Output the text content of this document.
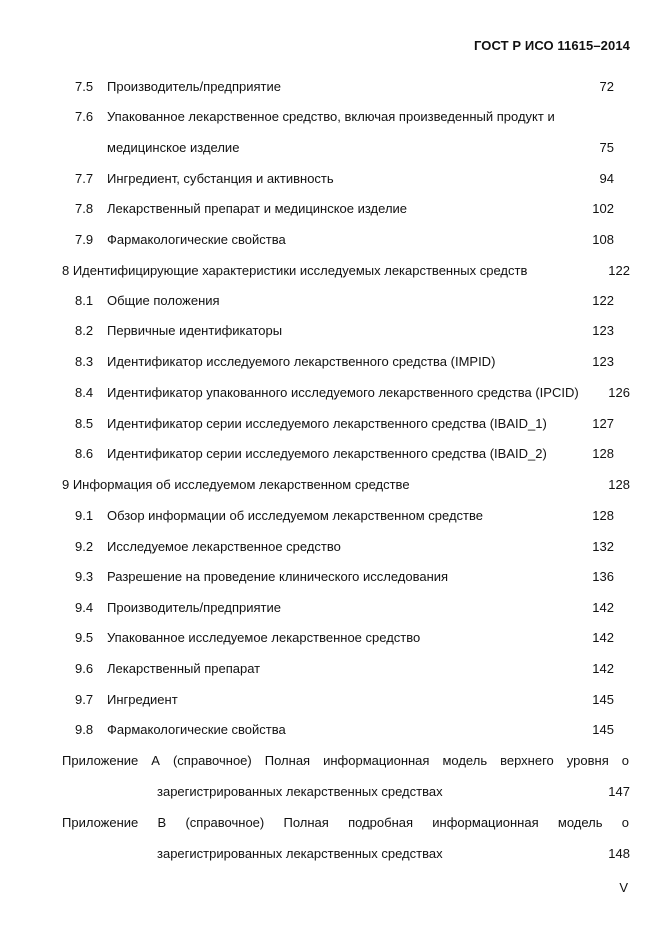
ГОСТ Р ИСО 11615–2014
7.5 Производитель/предприятие	72
7.6 Упакованное лекарственное средство, включая произведенный продукт и
медицинское изделие	75
7.7 Ингредиент, субстанция и активность	94
7.8 Лекарственный препарат и медицинское изделие	102
7.9 Фармакологические свойства	108
8 Идентифицирующие характеристики исследуемых лекарственных средств	122
8.1 Общие положения	122
8.2 Первичные идентификаторы	123
8.3 Идентификатор исследуемого лекарственного средства (IMPID)	123
8.4 Идентификатор упакованного исследуемого лекарственного средства (IPCID) 126
8.5 Идентификатор серии исследуемого лекарственного средства (IBAID_1)	127
8.6 Идентификатор серии исследуемого лекарственного средства (IBAID_2)	128
9 Информация об исследуемом лекарственном средстве	128
9.1 Обзор информации об исследуемом лекарственном средстве	128
9.2 Исследуемое лекарственное средство	132
9.3 Разрешение на проведение клинического исследования	136
9.4 Производитель/предприятие	142
9.5 Упакованное исследуемое лекарственное средство	142
9.6 Лекарственный препарат	142
9.7 Ингредиент	145
9.8 Фармакологические свойства	145
Приложение А (справочное) Полная информационная модель верхнего уровня о
зарегистрированных лекарственных средствах	147
Приложение В (справочное) Полная подробная информационная модель о
зарегистрированных лекарственных средствах	148
V
